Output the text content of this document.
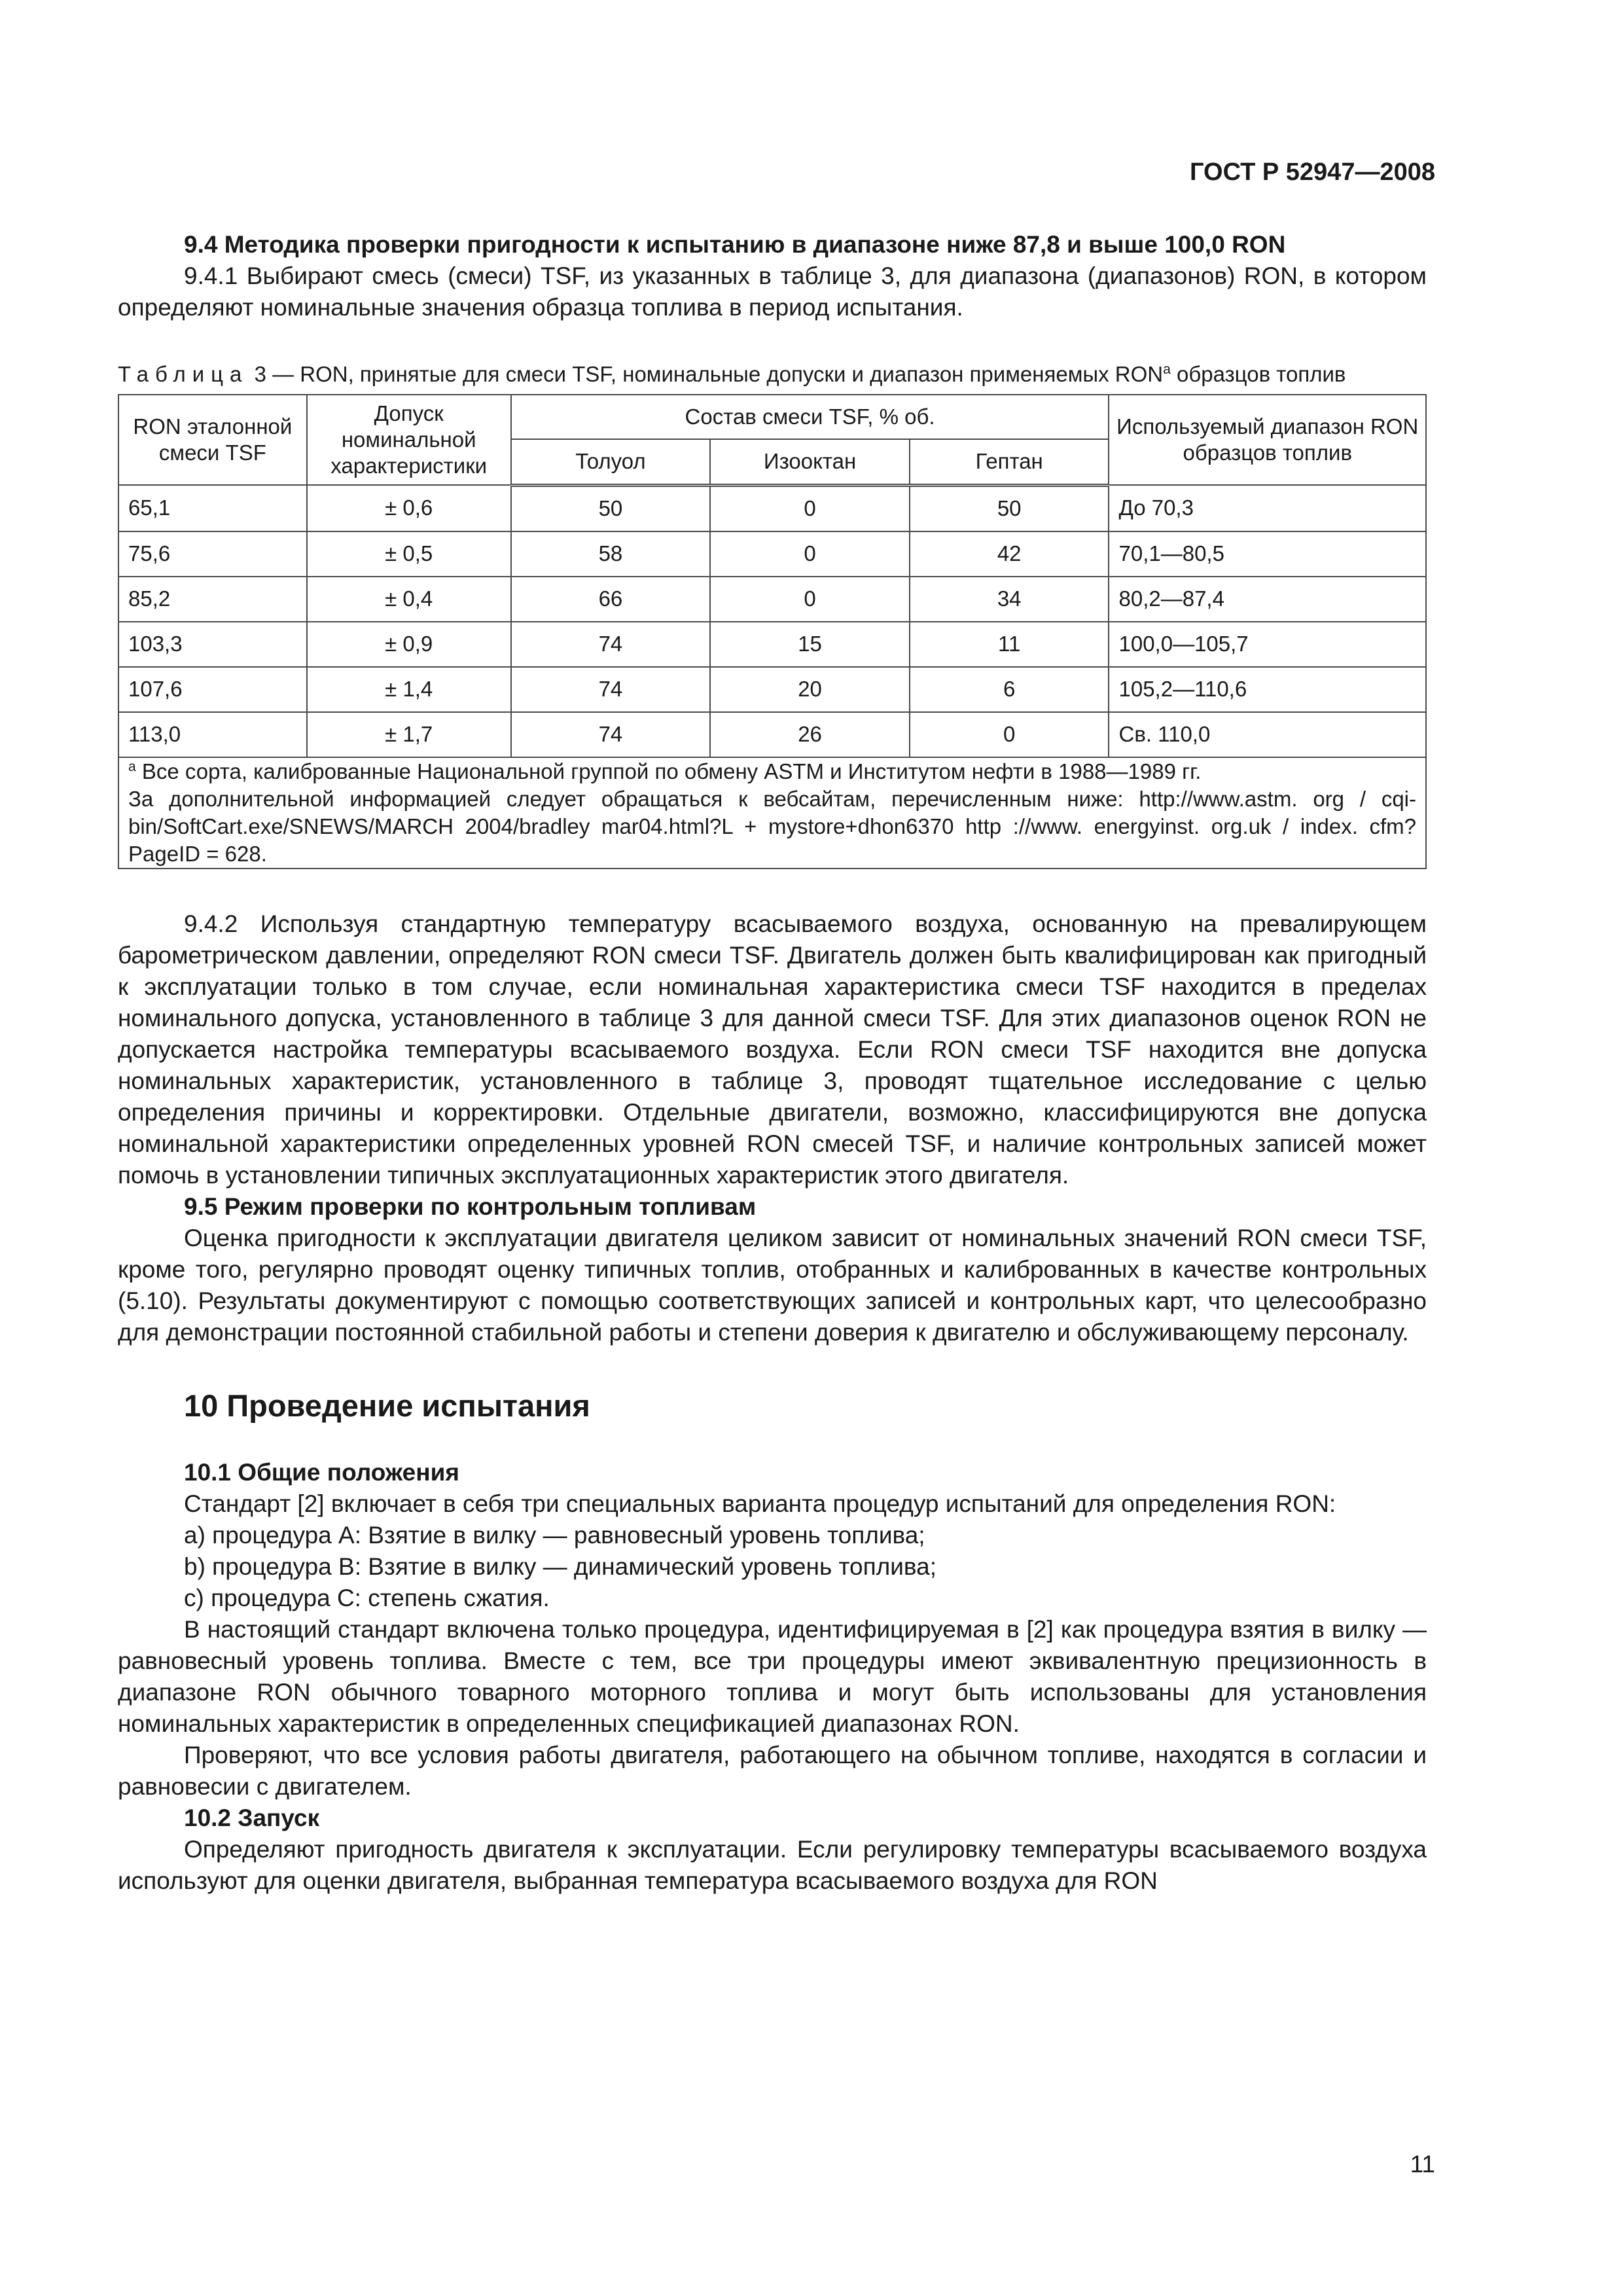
ГОСТ Р 52947—2008
9.4 Методика проверки пригодности к испытанию в диапазоне ниже 87,8 и выше 100,0 RON

9.4.1 Выбирают смесь (смеси) TSF, из указанных в таблице 3, для диапазона (диапазонов) RON, в котором определяют номинальные значения образца топлива в период испытания.

Таблица 3 — RON, принятые для смеси TSF, номинальные допуски и диапазон применяемых $RON^а$ образцов топлив

RON эталонной смеси TSF	Допуск номинальной характеристики	Состав смеси TSF, % об.			Используемый диапазон RON образцов топлив
		Толуол	Изооктан	Гептан	
65,1	± 0,6	50	0	50	До 70,3
75,6	± 0,5	58	0	42	70,1—80,5
85,2	± 0,4	66	0	34	80,2—87,4
103,3	± 0,9	74	15	11	100,0—105,7
107,6	± 1,4	74	20	6	105,2—110,6
113,0	± 1,7	74	26	0	Св. 110,0
$^а$ Все сорта, калиброванные Национальной группой по обмену ASTM и Институтом нефти в 1988—1989 гг.
За дополнительной информацией следует обращаться к вебсайтам, перечисленным ниже: http://www.astm. org / cqi-bin/SoftCart.exe/SNEWS/MARCH 2004/bradley mar04.html?L + mystore+dhon6370 http ://www. energyinst. org.uk / index. cfm?PageID = 628.					

9.4.2 Используя стандартную температуру всасываемого воздуха, основанную на превалирующем барометрическом давлении, определяют RON смеси TSF. Двигатель должен быть квалифицирован как пригодный к эксплуатации только в том случае, если номинальная характеристика смеси TSF находится в пределах номинального допуска, установленного в таблице 3 для данной смеси TSF. Для этих диапазонов оценок RON не допускается настройка температуры всасываемого воздуха. Если RON смеси TSF находится вне допуска номинальных характеристик, установленного в таблице 3, проводят тщательное исследование с целью определения причины и корректировки. Отдельные двигатели, возможно, классифицируются вне допуска номинальной характеристики определенных уровней RON смесей TSF, и наличие контрольных записей может помочь в установлении типичных эксплуатационных характеристик этого двигателя.

9.5 Режим проверки по контрольным топливам

Оценка пригодности к эксплуатации двигателя целиком зависит от номинальных значений RON смеси TSF, кроме того, регулярно проводят оценку типичных топлив, отобранных и калиброванных в качестве контрольных (5.10). Результаты документируют с помощью соответствующих записей и контрольных карт, что целесообразно для демонстрации постоянной стабильной работы и степени доверия к двигателю и обслуживающему персоналу.

10 Проведение испытания
10.1 Общие положения

Стандарт [2] включает в себя три специальных варианта процедур испытаний для определения RON:

а) процедура А: Взятие в вилку — равновесный уровень топлива;
b) процедура В: Взятие в вилку — динамический уровень топлива;
с) процедура С: степень сжатия.

В настоящий стандарт включена только процедура, идентифицируемая в [2] как процедура взятия в вилку — равновесный уровень топлива. Вместе с тем, все три процедуры имеют эквивалентную прецизионность в диапазоне RON обычного товарного моторного топлива и могут быть использованы для установления номинальных характеристик в определенных спецификацией диапазонах RON.

Проверяют, что все условия работы двигателя, работающего на обычном топливе, находятся в согласии и равновесии с двигателем.

10.2 Запуск

Определяют пригодность двигателя к эксплуатации. Если регулировку температуры всасываемого воздуха используют для оценки двигателя, выбранная температура всасываемого воздуха для RON

11
